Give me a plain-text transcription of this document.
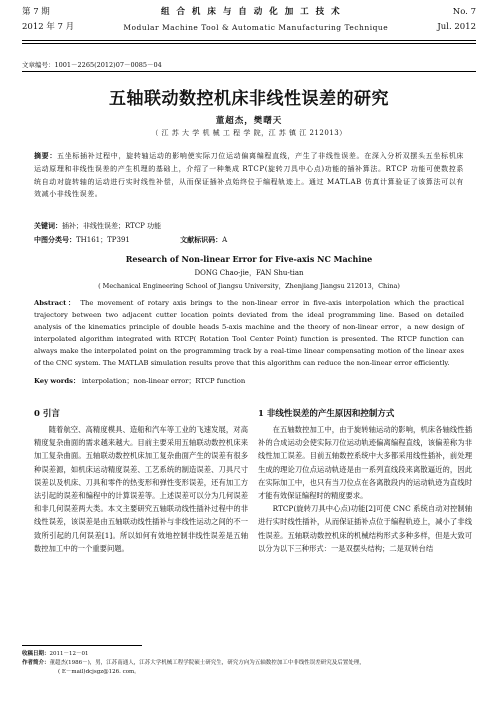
第 7 期	组 合 机 床 与 自 动 化 加 工 技 术	No. 7
2012 年 7 月	Modular Machine Tool & Automatic Manufacturing Technique	Jul. 2012
文章编号：1001－2265(2012)07－0085－04
五轴联动数控机床非线性误差的研究
董超杰，樊曙天
（ 江 苏 大 学 机 械 工 程 学 院，江 苏 镇 江 212013）
摘要：五坐标插补过程中，旋转轴运动的影响使实际刀位运动偏离编程直线，产生了非线性误差。在深入分析双摆头五坐标机床运动原理和非线性误差的产生机理的基础上，介绍了一种集成 RTCP(旋转刀具中心点)功能的插补算法。RTCP 功能可使数控系统自动对旋转轴的运动进行实时线性补偿，从而保证插补点始终位于编程轨迹上。通过 MATLAB 仿真计算验证了该算法可以有效减小非线性误差。
关键词：插补；非线性误差；RTCP 功能
中图分类号：TH161；TP391	文献标识码：A
Research of Non-linear Error for Five-axis NC Machine
DONG Chao-jie，FAN Shu-tian
( Mechanical Engineering School of Jiangsu University，Zhenjiang Jiangsu 212013，China)
Abstract： The movement of rotary axis brings to the non-linear error in five-axis interpolation which the practical trajectory between two adjacent cutter location points deviated from the ideal programming line. Based on detailed analysis of the kinematics principle of double heads 5-axis machine and the theory of non-linear error，a new design of interpolated algorithm integrated with RTCP( Rotation Tool Center Point) function is presented. The RTCP function can always make the interpolated point on the programming track by a real-time linear compensating motion of the linear axes of the CNC system. The MATLAB simulation results prove that this algorithm can reduce the non-linear error efficiently.
Key words： interpolation；non-linear error；RTCP function
0 引言

随着航空、高精度模具、造船和汽车等工业的飞速发展，对高精度复杂曲面的需求越来越大。目前主要采用五轴联动数控机床来加工复杂曲面。五轴联动数控机床加工复杂曲面产生的误差有很多种误差源，如机床运动精度误差、工艺系统的制造误差、刀具尺寸误差以及机床、刀具和零件的热变形和弹性变形误差，还有加工方法引起的误差和编程中的计算误差等。上述误差可以分为几何误差和非几何误差两大类。本文主要研究五轴联动线性插补过程中的非线性误差，该误差是由五轴联动线性插补与非线性运动之间的不一致所引起的几何误差[1]。所以如何有效地控制非线性误差是五轴数控加工中的一个重要问题。

1 非线性误差的产生原因和控制方式

在五轴数控加工中，由于旋转轴运动的影响，机床各轴线性插补的合成运动会使实际刀位运动轨迹偏离编程直线，该偏差称为非线性加工误差。目前五轴数控系统中大多都采用线性插补，前处理生成的理论刀位点运动轨迹是由一系列直线段来离散逼近的，因此在实际加工中，也只有当刀位点在各离散段内的运动轨迹为直线时才能有效保证编程时的精度要求。

RTCP(旋转刀具中心点)功能[2]可使 CNC 系统自动对控制轴进行实时线性插补，从而保证插补点位于编程轨迹上，减小了非线性误差。五轴联动数控机床的机械结构形式多种多样，但是大致可以分为以下三种形式：一是双摆头结构；二是双转台结

收稿日期：2011－12－01
作者简介：董超杰(1986－)，男，江苏南通人，江苏大学机械工程学院硕士研究生，研究方向为五轴数控加工中非线性误差研究及后置处理，
( E－mail)dcjsgz@126. com。
